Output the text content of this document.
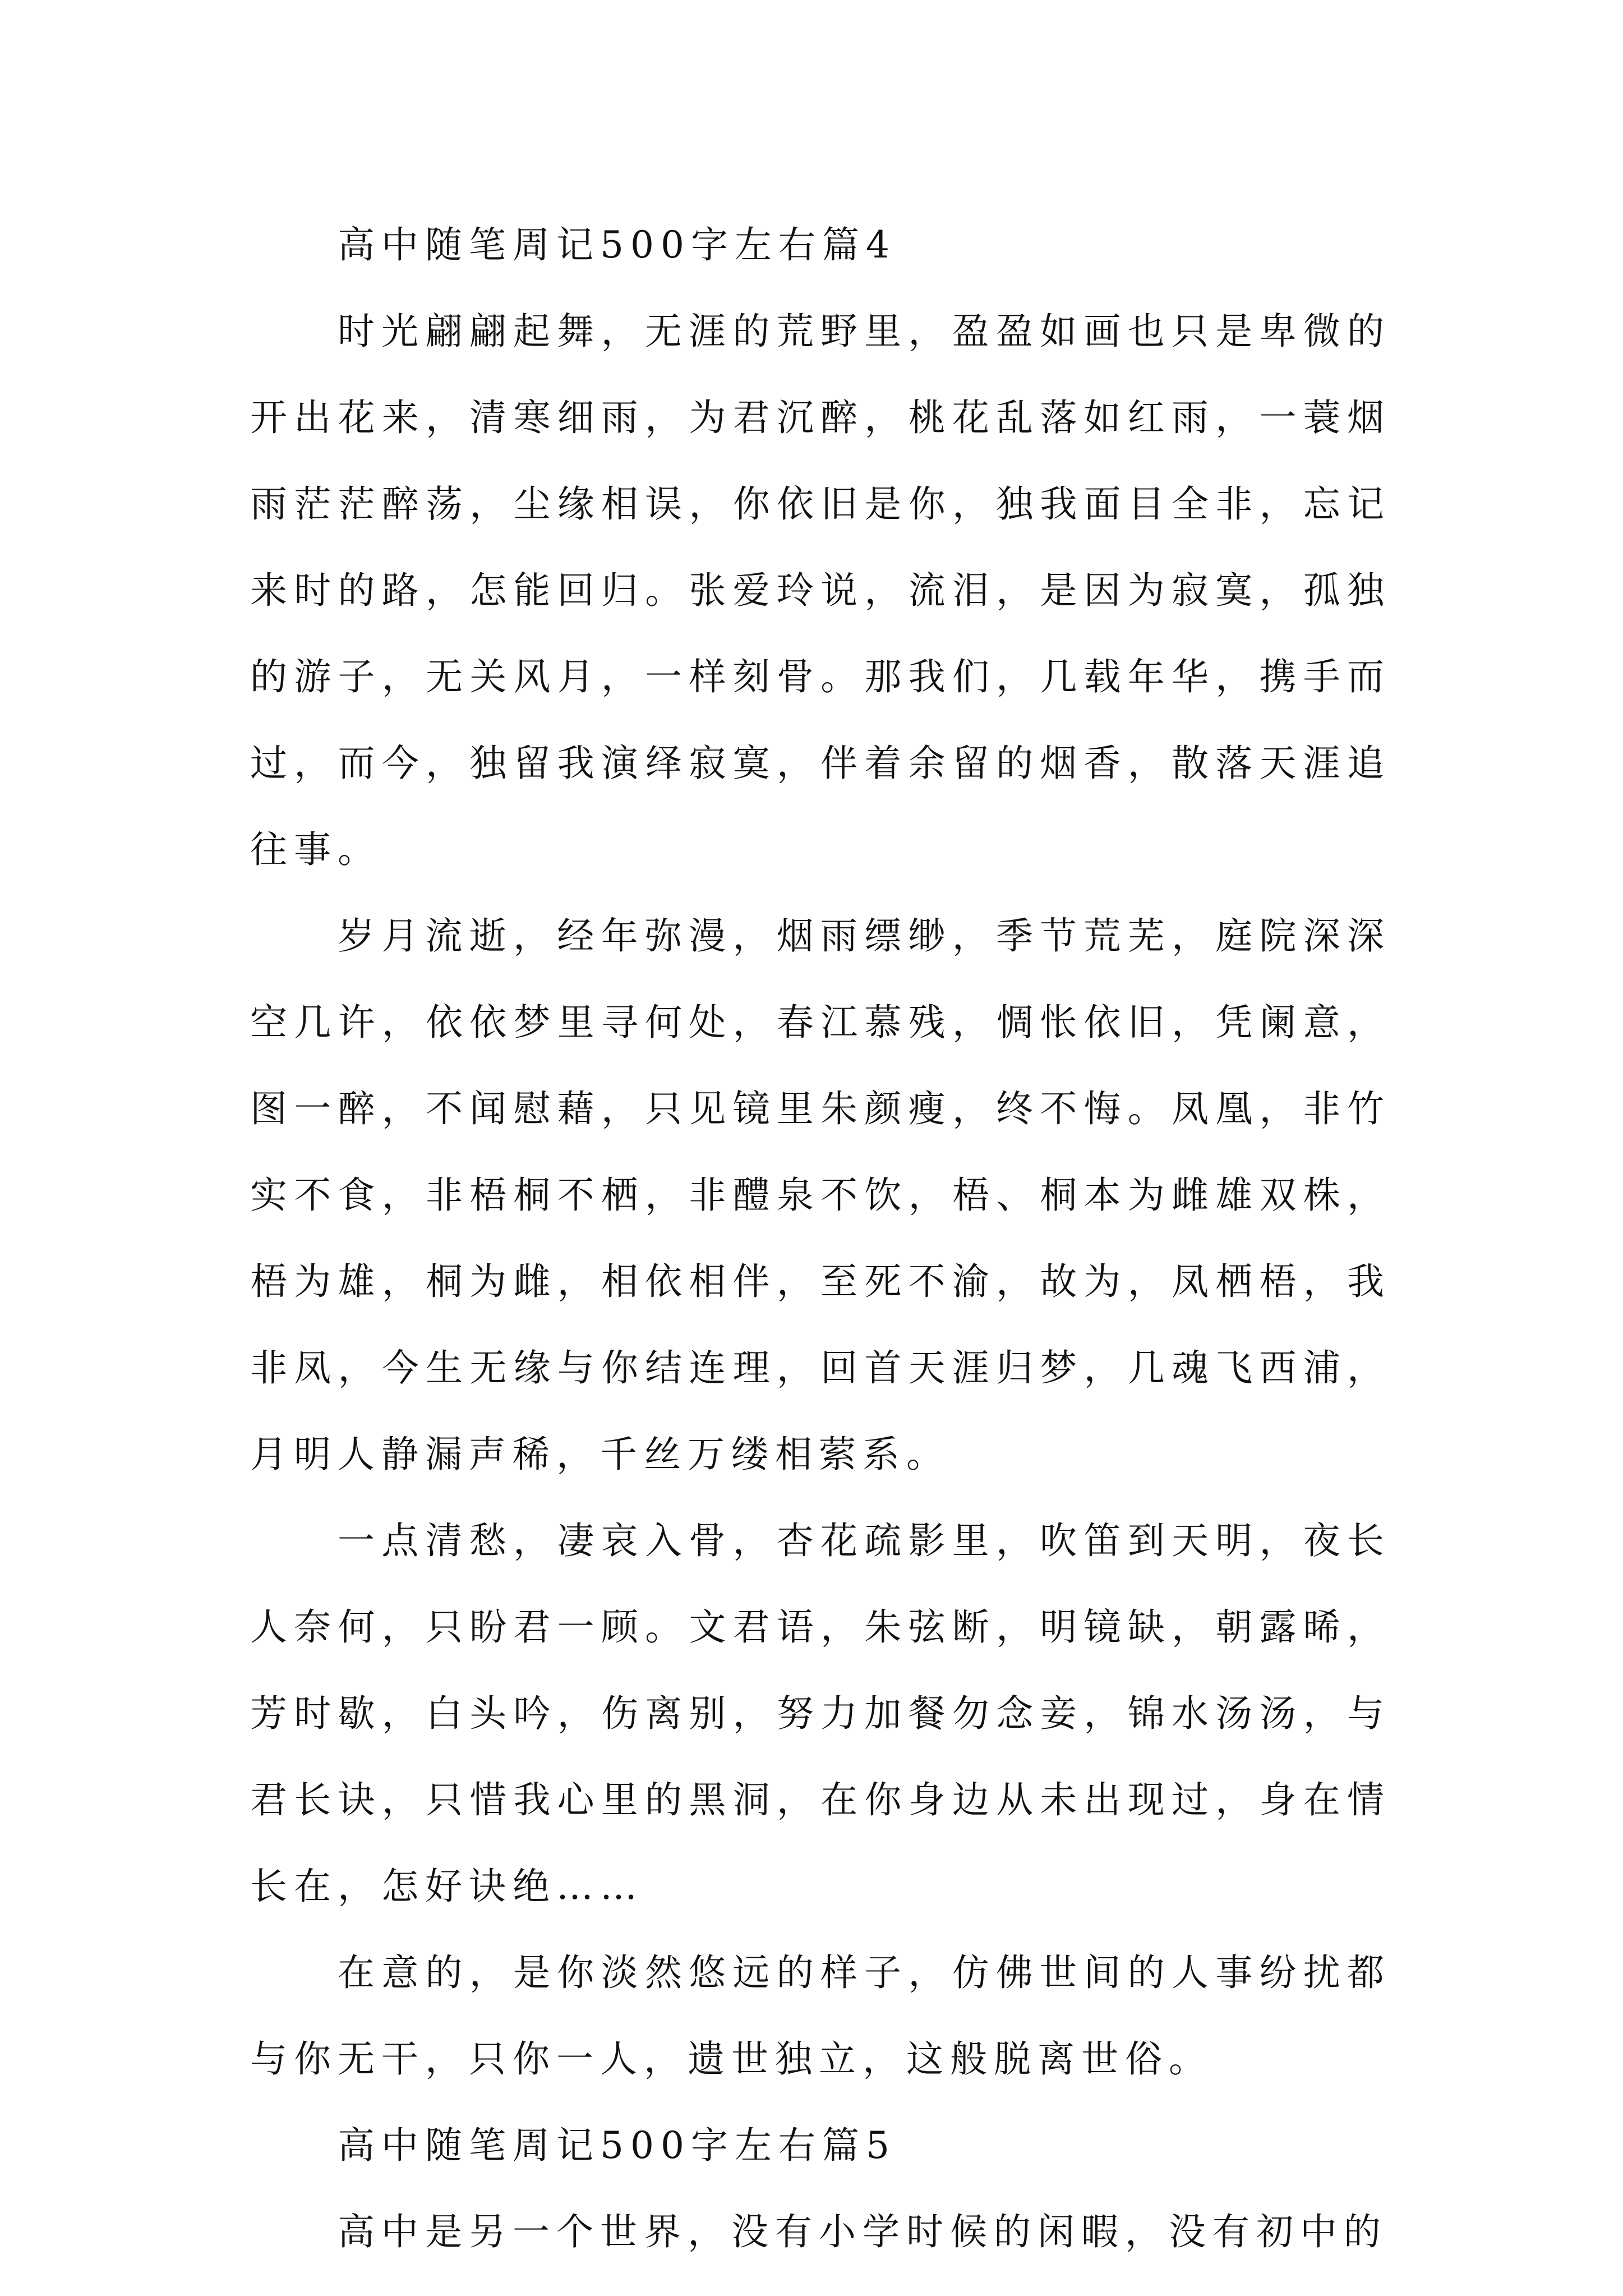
高中随笔周记500字左右篇4

时光翩翩起舞，无涯的荒野里，盈盈如画也只是卑微的开出花来，清寒细雨，为君沉醉，桃花乱落如红雨，一蓑烟雨茫茫醉荡，尘缘相误，你依旧是你，独我面目全非，忘记来时的路，怎能回归。张爱玲说，流泪，是因为寂寞，孤独的游子，无关风月，一样刻骨。那我们，几载年华，携手而过，而今，独留我演绎寂寞，伴着余留的烟香，散落天涯追往事。

岁月流逝，经年弥漫，烟雨缥缈，季节荒芜，庭院深深空几许，依依梦里寻何处，春江慕残，惆怅依旧，凭阑意，图一醉，不闻慰藉，只见镜里朱颜瘦，终不悔。凤凰，非竹实不食，非梧桐不栖，非醴泉不饮，梧、桐本为雌雄双株，梧为雄，桐为雌，相依相伴，至死不渝，故为，凤栖梧，我非凤，今生无缘与你结连理，回首天涯归梦，几魂飞西浦，月明人静漏声稀，千丝万缕相萦系。

一点清愁，凄哀入骨，杏花疏影里，吹笛到天明，夜长人奈何，只盼君一顾。文君语，朱弦断，明镜缺，朝露晞，芳时歇，白头吟，伤离别，努力加餐勿念妾，锦水汤汤，与君长诀，只惜我心里的黑洞，在你身边从未出现过，身在情长在，怎好诀绝……

在意的，是你淡然悠远的样子，仿佛世间的人事纷扰都与你无干，只你一人，遗世独立，这般脱离世俗。

高中随笔周记500字左右篇5

高中是另一个世界，没有小学时候的闲暇，没有初中的
